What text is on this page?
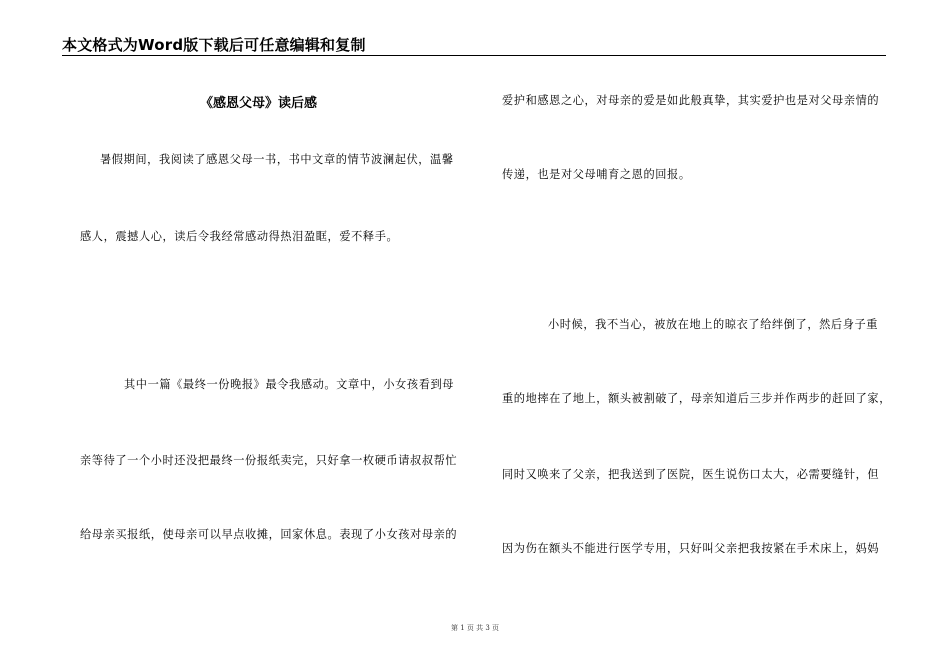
本文格式为Word版下载后可任意编辑和复制
《感恩父母》读后感
暑假期间，我阅读了感恩父母一书，书中文章的情节波澜起伏，温馨
感人，震撼人心，读后令我经常感动得热泪盈眶，爱不释手。
其中一篇《最终一份晚报》最令我感动。文章中，小女孩看到母
亲等待了一个小时还没把最终一份报纸卖完，只好拿一枚硬币请叔叔帮忙
给母亲买报纸，使母亲可以早点收摊，回家休息。表现了小女孩对母亲的
爱护和感恩之心，对母亲的爱是如此般真挚，其实爱护也是对父母亲情的
传递，也是对父母哺育之恩的回报。
小时候，我不当心，被放在地上的晾衣了给绊倒了，然后身子重
重的地摔在了地上，额头被割破了，母亲知道后三步并作两步的赶回了家，
同时又唤来了父亲，把我送到了医院，医生说伤口太大，必需要缝针，但
因为伤在额头不能进行医学专用，只好叫父亲把我按紧在手术床上，妈妈
第 1 页 共 3 页
